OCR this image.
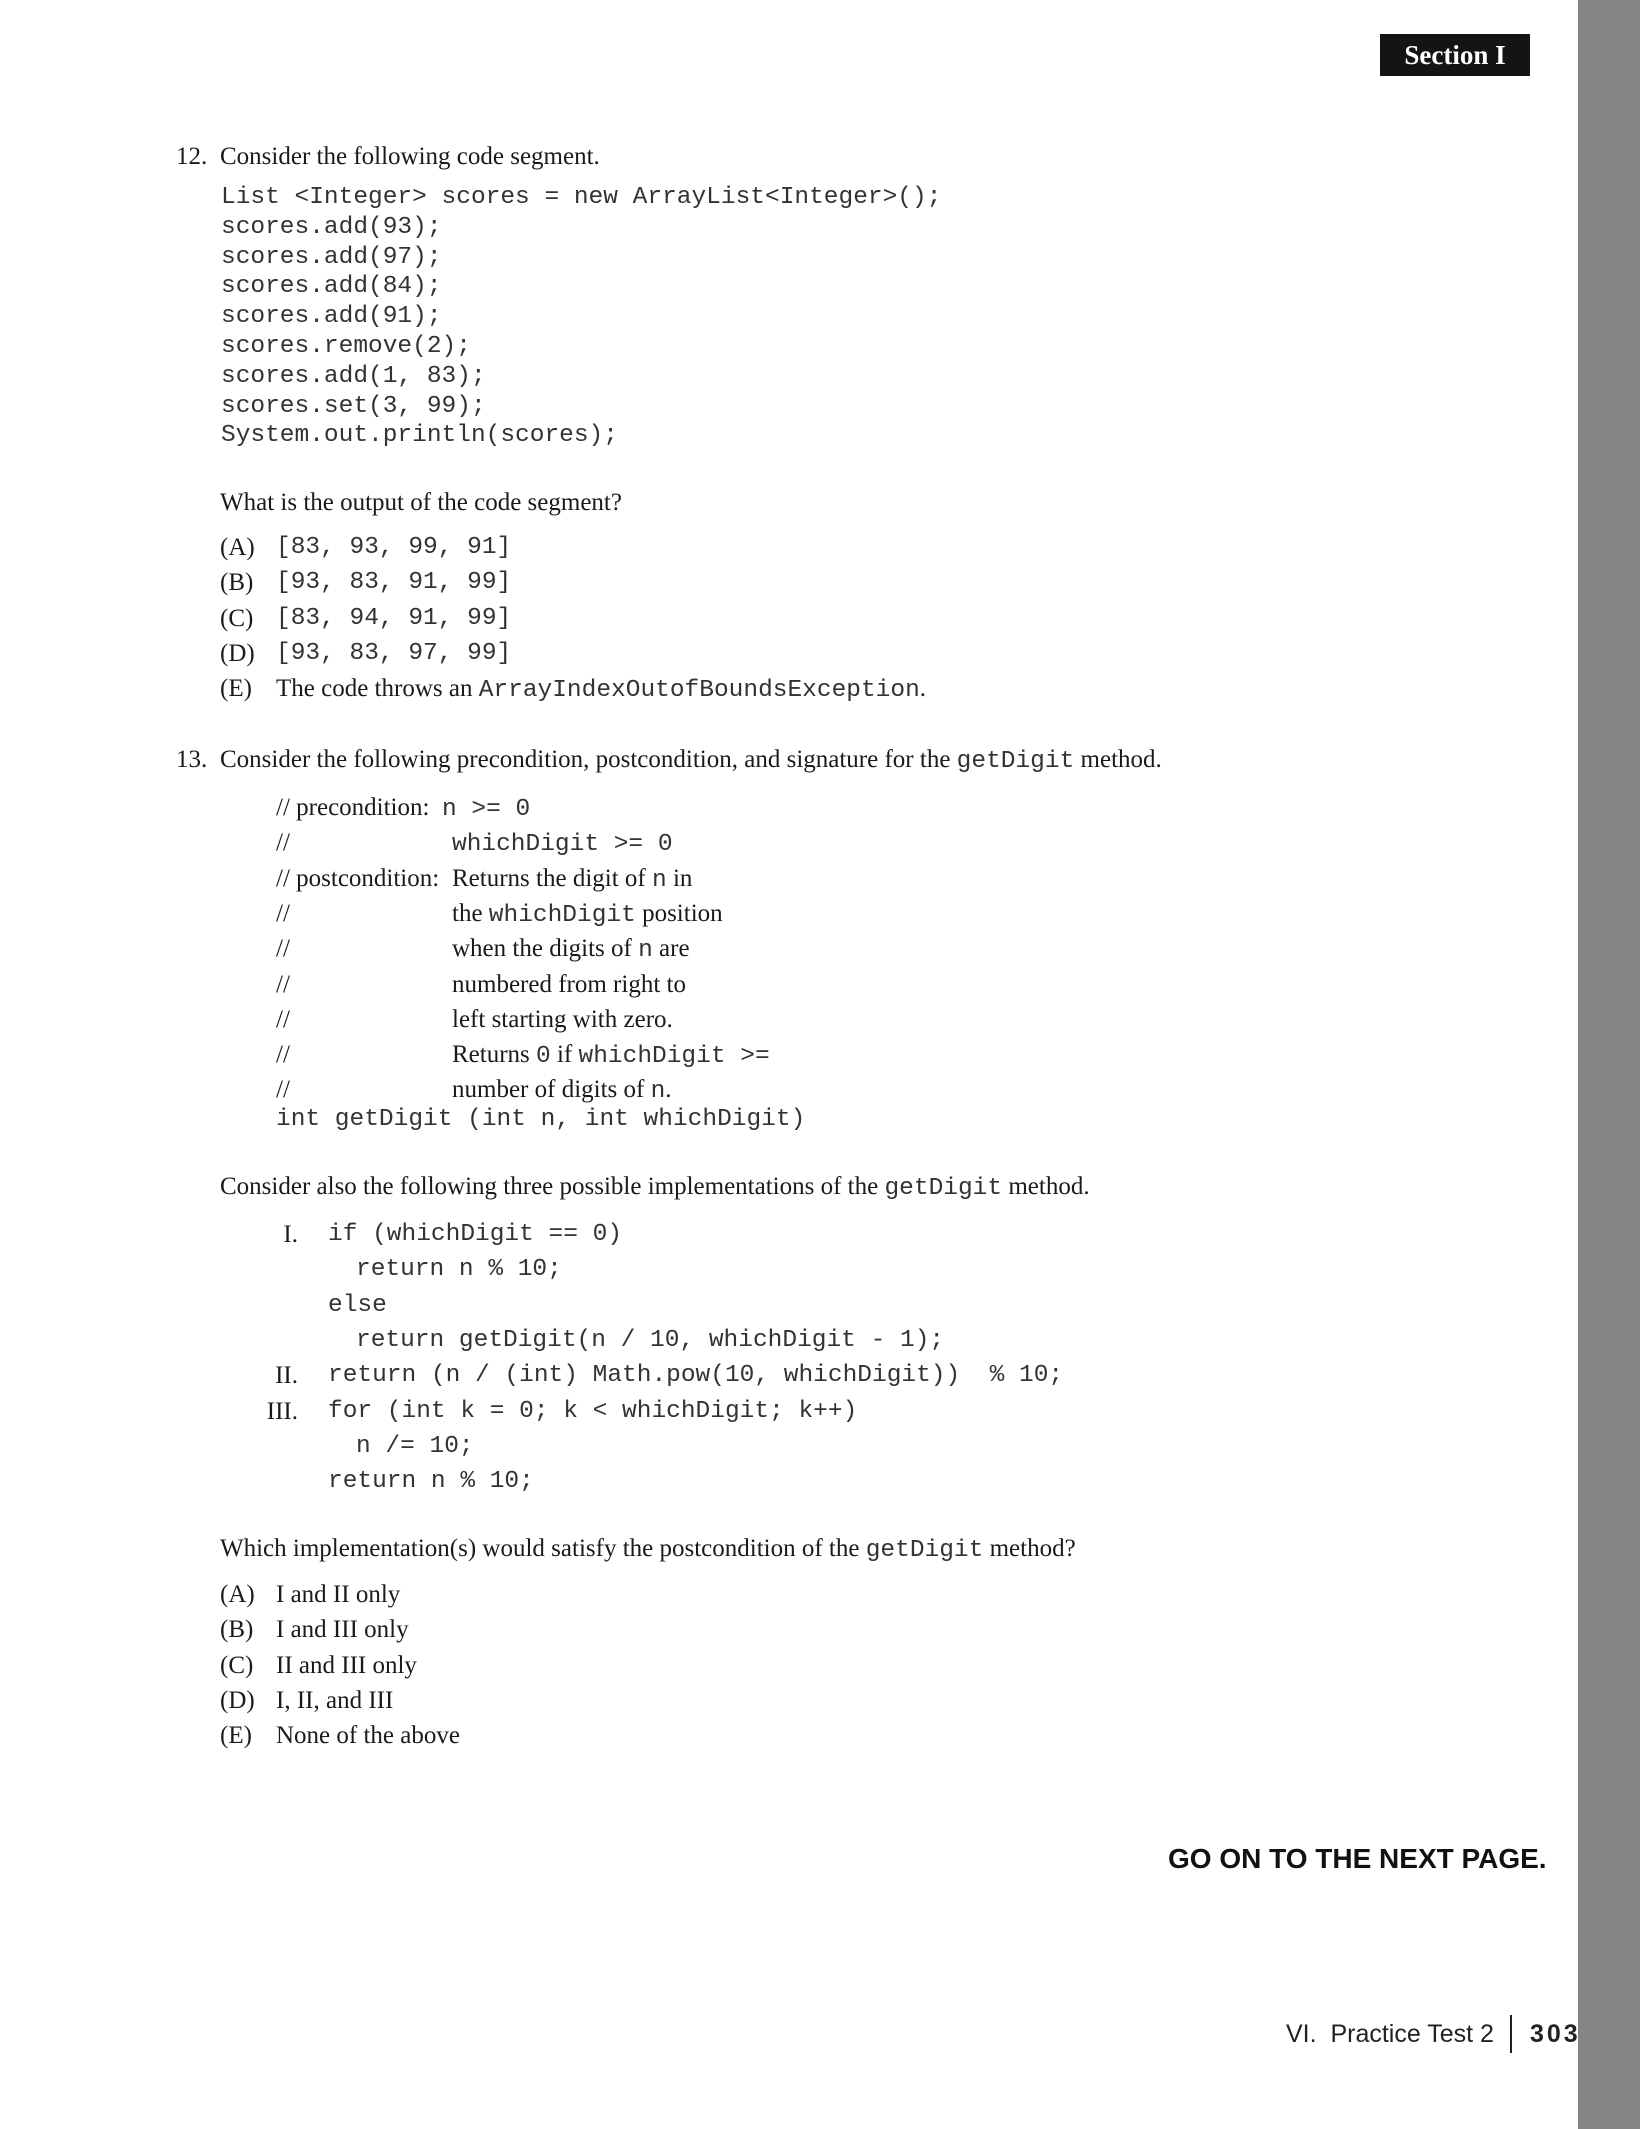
Section I
12. Consider the following code segment.
List <Integer> scores = new ArrayList<Integer>();
scores.add(93);
scores.add(97);
scores.add(84);
scores.add(91);
scores.remove(2);
scores.add(1, 83);
scores.set(3, 99);
System.out.println(scores);
What is the output of the code segment?
(A) [83, 93, 99, 91]
(B) [93, 83, 91, 99]
(C) [83, 94, 91, 99]
(D) [93, 83, 97, 99]
(E) The code throws an ArrayIndexOutofBoundsException.
13. Consider the following precondition, postcondition, and signature for the getDigit method.
// precondition: n >= 0
//	whichDigit >= 0
// postcondition: Returns the digit of n in
//	the whichDigit position
//	when the digits of n are
//	numbered from right to
//	left starting with zero.
//	Returns 0 if whichDigit >=
//	number of digits of n.
int getDigit (int n, int whichDigit)
Consider also the following three possible implementations of the getDigit method.
I. if (whichDigit == 0)
return n % 10;
else
return getDigit(n / 10, whichDigit - 1);
II. return (n / (int) Math.pow(10, whichDigit))  % 10;
III. for (int k = 0; k < whichDigit; k++)
n /= 10;
return n % 10;
Which implementation(s) would satisfy the postcondition of the getDigit method?
(A) I and II only
(B) I and III only
(C) II and III only
(D) I, II, and III
(E) None of the above
GO ON TO THE NEXT PAGE.
VI.  Practice Test 2 303
